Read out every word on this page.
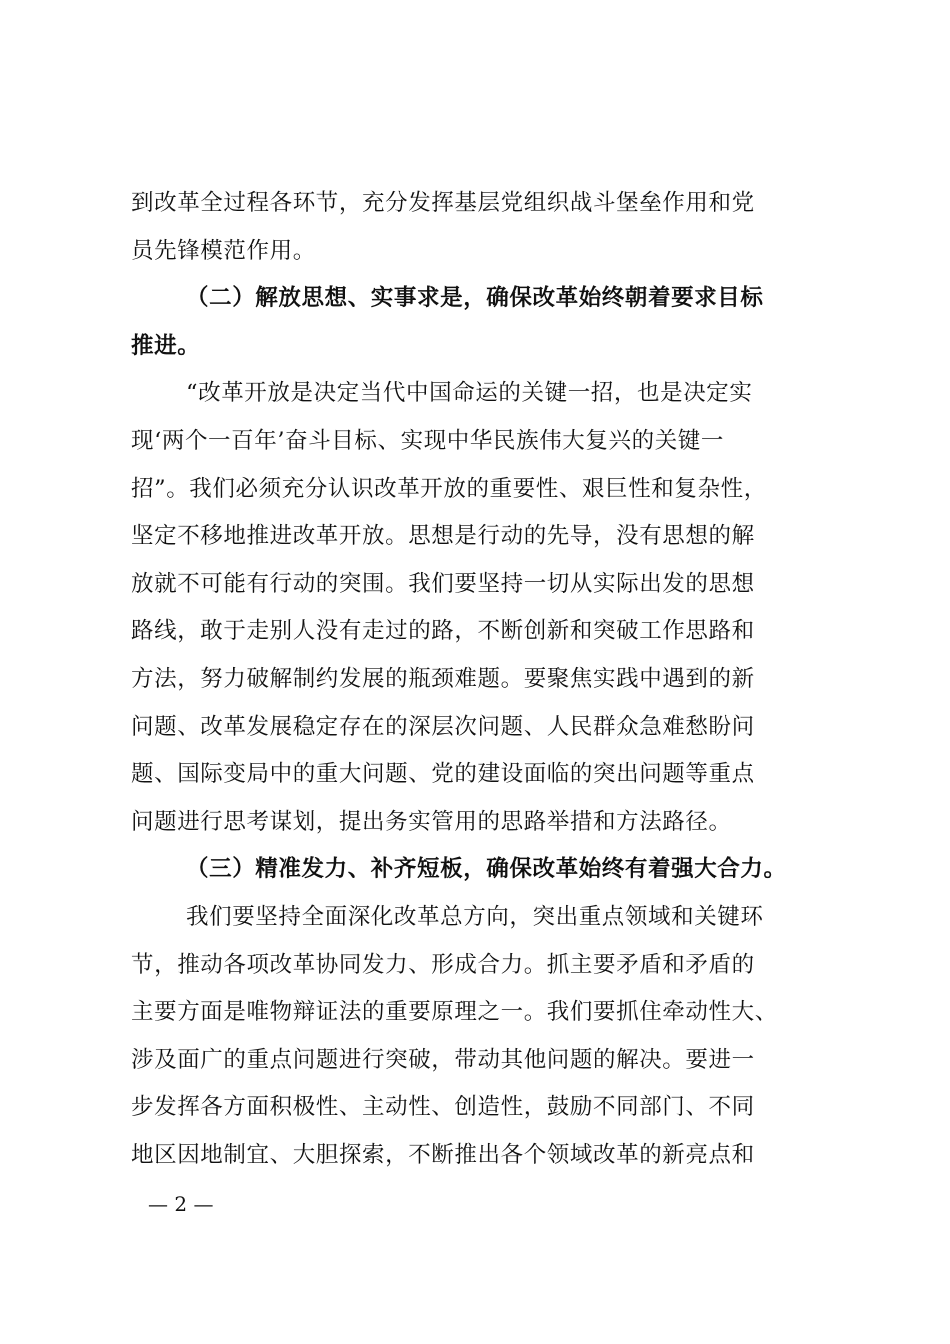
到改革全过程各环节，充分发挥基层党组织战斗堡垒作用和党
员先锋模范作用。
（二）解放思想、实事求是，确保改革始终朝着要求目标
推进。
“改革开放是决定当代中国命运的关键一招，也是决定实
现‘两个一百年’奋斗目标、实现中华民族伟大复兴的关键一
招”。我们必须充分认识改革开放的重要性、艰巨性和复杂性，
坚定不移地推进改革开放。思想是行动的先导，没有思想的解
放就不可能有行动的突围。我们要坚持一切从实际出发的思想
路线，敢于走别人没有走过的路，不断创新和突破工作思路和
方法，努力破解制约发展的瓶颈难题。要聚焦实践中遇到的新
问题、改革发展稳定存在的深层次问题、人民群众急难愁盼问
题、国际变局中的重大问题、党的建设面临的突出问题等重点
问题进行思考谋划，提出务实管用的思路举措和方法路径。
（三）精准发力、补齐短板，确保改革始终有着强大合力。
我们要坚持全面深化改革总方向，突出重点领域和关键环
节，推动各项改革协同发力、形成合力。抓主要矛盾和矛盾的
主要方面是唯物辩证法的重要原理之一。我们要抓住牵动性大、
涉及面广的重点问题进行突破，带动其他问题的解决。要进一
步发挥各方面积极性、主动性、创造性，鼓励不同部门、不同
地区因地制宜、大胆探索，不断推出各个领域改革的新亮点和
— 2 —
